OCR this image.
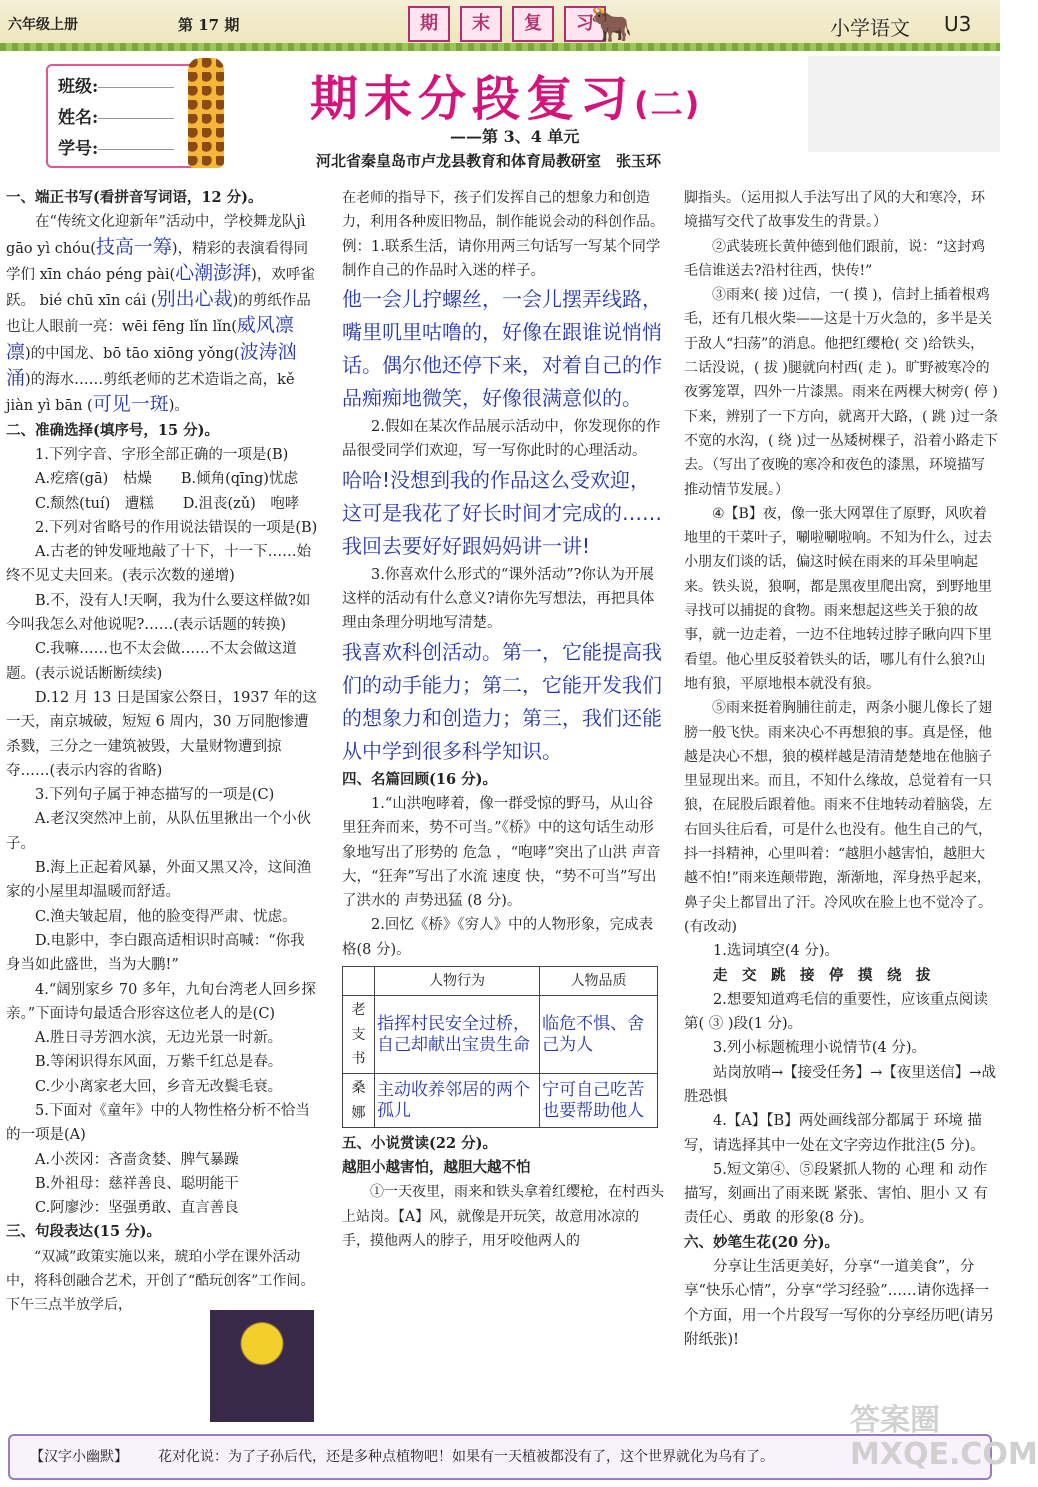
六年级上册	第 17 期	期	末	复	习
🐂	小学语文 U3
班级:
姓名:
学号:
期末分段复习(二)
——第 3、4 单元
河北省秦皇岛市卢龙县教育和体育局教研室　张玉环

一、端正书写(看拼音写词语，12 分)。

在“传统文化迎新年”活动中，学校舞龙队jì gāo yì chóu(技高一筹)，精彩的表演看得同学们 xīn cháo péng pài(心潮澎湃)，欢呼雀跃。 bié chū xīn cái (别出心裁)的剪纸作品也让人眼前一亮：wēi fēng lǐn lǐn(威风凛凛)的中国龙、bō tāo xiōng yǒng(波涛汹涌)的海水……剪纸老师的艺术造诣之高，kě jiàn yì bān (可见一斑)。

二、准确选择(填序号，15 分)。

1.下列字音、字形全部正确的一项是(B)

A.疙瘩(gā)　枯燥　　B.倾角(qīng)忧虑

C.颓然(tuí)　遭糕　　D.沮丧(zǔ)　咆哮

2.下列对省略号的作用说法错误的一项是(B)

A.古老的钟发哑地敲了十下，十一下……始终不见丈夫回来。(表示次数的递增)

B.不，没有人!天啊，我为什么要这样做?如今叫我怎么对他说呢?……(表示话题的转换)

C.我嘛……也不太会做……不太会做这道题。(表示说话断断续续)

D.12 月 13 日是国家公祭日，1937 年的这一天，南京城破，短短 6 周内，30 万同胞惨遭杀戮，三分之一建筑被毁，大量财物遭到掠夺……(表示内容的省略)

3.下列句子属于神态描写的一项是(C)

A.老汉突然冲上前，从队伍里揪出一个小伙子。

B.海上正起着风暴，外面又黑又冷，这间渔家的小屋里却温暖而舒适。

C.渔夫皱起眉，他的脸变得严肃、忧虑。

D.电影中，李白跟高适相识时高喊：“你我身当如此盛世，当为大鹏!”

4.“阔别家乡 70 多年，九旬台湾老人回乡探亲。”下面诗句最适合形容这位老人的是(C)

A.胜日寻芳泗水滨，无边光景一时新。

B.等闲识得东风面，万紫千红总是春。

C.少小离家老大回，乡音无改鬓毛衰。

5.下面对《童年》中的人物性格分析不恰当的一项是(A)

A.小茨冈：吝啬贪婪、脾气暴躁

B.外祖母：慈祥善良、聪明能干

C.阿廖沙：坚强勇敢、直言善良

三、句段表达(15 分)。

“双减”政策实施以来，琥珀小学在课外活动中，将科创融合艺术，开创了“酷玩创客”工作间。下午三点半放学后，

在老师的指导下，孩子们发挥自己的想象力和创造力，利用各种废旧物品，制作能说会动的科创作品。

例：1.联系生活，请你用两三句话写一写某个同学制作自己的作品时入迷的样子。

他一会儿拧螺丝，一会儿摆弄线路，嘴里叽里咕噜的，好像在跟谁说悄悄话。偶尔他还停下来，对着自己的作品痴痴地微笑，好像很满意似的。

2.假如在某次作品展示活动中，你发现你的作品很受同学们欢迎，写一写你此时的心理活动。

哈哈!没想到我的作品这么受欢迎，这可是我花了好长时间才完成的……我回去要好好跟妈妈讲一讲!

3.你喜欢什么形式的“课外活动”?你认为开展这样的活动有什么意义?请你先写想法，再把具体理由条理分明地写清楚。

我喜欢科创活动。第一，它能提高我们的动手能力；第二，它能开发我们的想象力和创造力；第三，我们还能从中学到很多科学知识。

四、名篇回顾(16 分)。

1.“山洪咆哮着，像一群受惊的野马，从山谷里狂奔而来，势不可当。”《桥》中的这句话生动形象地写出了形势的 危急 ，“咆哮”突出了山洪 声音 大，“狂奔”写出了水流 速度 快，“势不可当”写出了洪水的 声势迅猛 (8 分)。

2.回忆《桥》《穷人》中的人物形象，完成表格(8 分)。

	人物行为	人物品质
老支书	指挥村民安全过桥，自己却献出宝贵生命	临危不惧、舍己为人
桑娜	主动收养邻居的两个孤儿	宁可自己吃苦也要帮助他人

五、小说赏读(22 分)。

越胆小越害怕，越胆大越不怕

①一天夜里，雨来和铁头拿着红缨枪，在村西头上站岗。【A】风，就像是开玩笑，故意用冰凉的手，摸他两人的脖子，用牙咬他两人的

脚指头。（运用拟人手法写出了风的大和寒冷，环境描写交代了故事发生的背景。）

②武装班长黄仲德到他们跟前，说：“这封鸡毛信谁送去?沿村往西，快传!”

③雨来( 接 )过信，一( 摸 )，信封上插着根鸡毛，还有几根火柴——这是十万火急的，多半是关于敌人“扫荡”的消息。他把红缨枪( 交 )给铁头，二话没说，( 拔 )腿就向村西( 走 )。旷野被寒冷的夜雾笼罩，四外一片漆黑。雨来在两棵大树旁( 停 )下来，辨别了一下方向，就离开大路，( 跳 )过一条不宽的水沟，( 绕 )过一丛矮树棵子，沿着小路走下去。（写出了夜晚的寒冷和夜色的漆黑，环境描写推动情节发展。）

④【B】夜，像一张大网罩住了原野，风吹着地里的干菜叶子，唰啦唰啦响。不知为什么，过去小朋友们谈的话，偏这时候在雨来的耳朵里响起来。铁头说，狼啊，都是黑夜里爬出窝，到野地里寻找可以捕捉的食物。雨来想起这些关于狼的故事，就一边走着，一边不住地转过脖子瞅向四下里看望。他心里反驳着铁头的话，哪儿有什么狼?山地有狼，平原地根本就没有狼。

⑤雨来挺着胸脯往前走，两条小腿儿像长了翅膀一般飞快。雨来决心不再想狼的事。真是怪，他越是决心不想，狼的模样越是清清楚楚地在他脑子里显现出来。而且，不知什么缘故，总觉着有一只狼，在屁股后跟着他。雨来不住地转动着脑袋，左右回头往后看，可是什么也没有。他生自己的气，抖一抖精神，心里叫着：“越胆小越害怕，越胆大越不怕!”雨来连颠带跑，渐渐地，浑身热乎起来，鼻子尖上都冒出了汗。冷风吹在脸上也不觉冷了。　(有改动)

1.选词填空(4 分)。

走　交　跳　接　停　摸　绕　拔

2.想要知道鸡毛信的重要性，应该重点阅读第( ③ )段(1 分)。

3.列小标题梳理小说情节(4 分)。

站岗放哨→【接受任务】→【夜里送信】→战胜恐惧

4.【A】【B】两处画线部分都属于 环境 描写，请选择其中一处在文字旁边作批注(5 分)。

5.短文第④、⑤段紧抓人物的 心理 和 动作 描写，刻画出了雨来既 紧张、害怕、胆小 又 有责任心、勇敢 的形象(8 分)。

六、妙笔生花(20 分)。

分享让生活更美好，分享“一道美食”，分享“快乐心情”，分享“学习经验”……请你选择一个方面，用一个片段写一写你的分享经历吧(请另附纸张)!

【汉字小幽默】 花对化说：为了子孙后代，还是多种点植物吧！如果有一天植被都没有了，这个世界就化为乌有了。
答案圈
MXQE.COM
